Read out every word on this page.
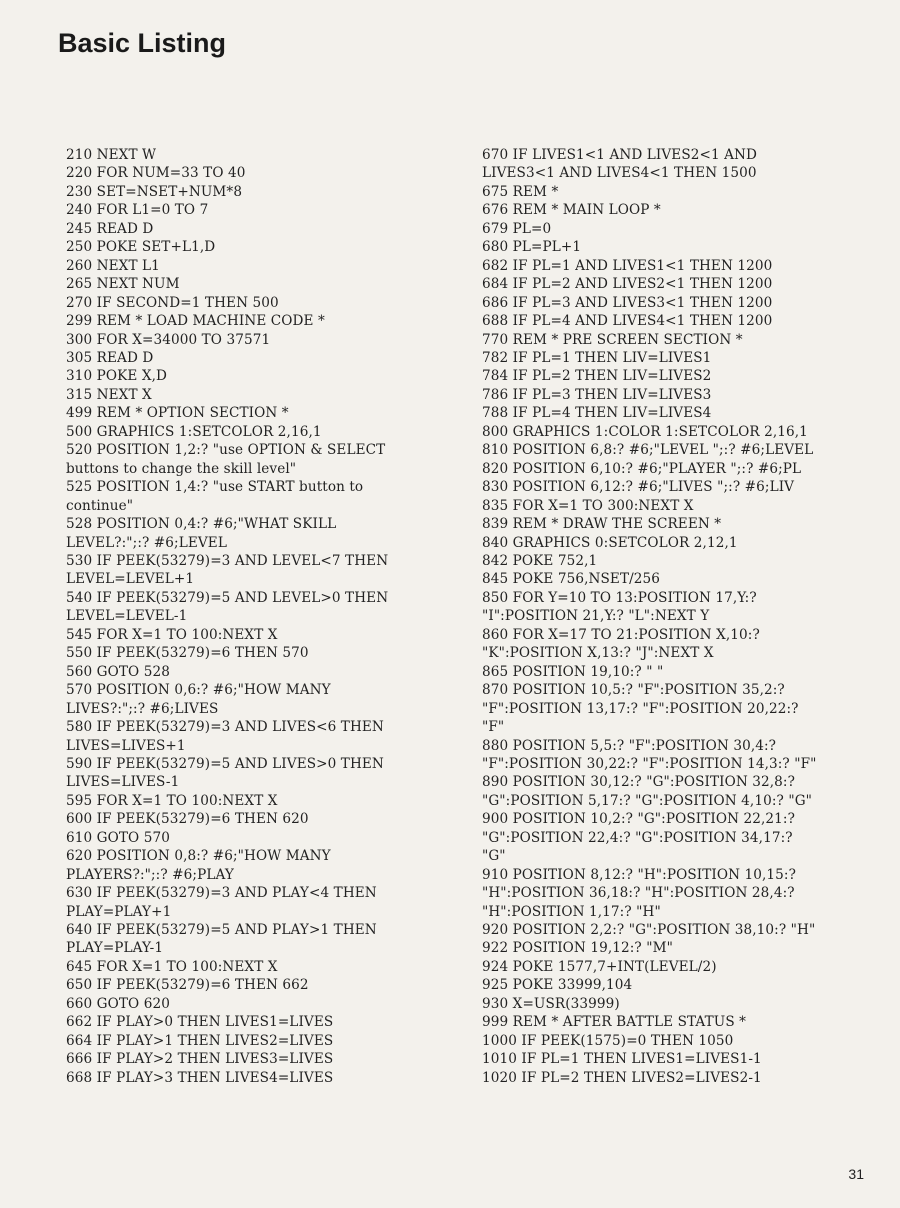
Basic Listing
210 NEXT W
220 FOR NUM=33 TO 40
230 SET=NSET+NUM*8
240 FOR L1=0 TO 7
245 READ D
250 POKE SET+L1,D
260 NEXT L1
265 NEXT NUM
270 IF SECOND=1 THEN 500
299 REM * LOAD MACHINE CODE *
300 FOR X=34000 TO 37571
305 READ D
310 POKE X,D
315 NEXT X
499 REM * OPTION SECTION *
500 GRAPHICS 1:SETCOLOR 2,16,1
520 POSITION 1,2:? "use OPTION & SELECT
buttons to change the skill level"
525 POSITION 1,4:? "use START button to
continue"
528 POSITION 0,4:? #6;"WHAT SKILL
LEVEL?:";:? #6;LEVEL
530 IF PEEK(53279)=3 AND LEVEL<7 THEN
LEVEL=LEVEL+1
540 IF PEEK(53279)=5 AND LEVEL>0 THEN
LEVEL=LEVEL-1
545 FOR X=1 TO 100:NEXT X
550 IF PEEK(53279)=6 THEN 570
560 GOTO 528
570 POSITION 0,6:? #6;"HOW MANY
LIVES?:";:? #6;LIVES
580 IF PEEK(53279)=3 AND LIVES<6 THEN
LIVES=LIVES+1
590 IF PEEK(53279)=5 AND LIVES>0 THEN
LIVES=LIVES-1
595 FOR X=1 TO 100:NEXT X
600 IF PEEK(53279)=6 THEN 620
610 GOTO 570
620 POSITION 0,8:? #6;"HOW MANY
PLAYERS?:";:? #6;PLAY
630 IF PEEK(53279)=3 AND PLAY<4 THEN
PLAY=PLAY+1
640 IF PEEK(53279)=5 AND PLAY>1 THEN
PLAY=PLAY-1
645 FOR X=1 TO 100:NEXT X
650 IF PEEK(53279)=6 THEN 662
660 GOTO 620
662 IF PLAY>0 THEN LIVES1=LIVES
664 IF PLAY>1 THEN LIVES2=LIVES
666 IF PLAY>2 THEN LIVES3=LIVES
668 IF PLAY>3 THEN LIVES4=LIVES
670 IF LIVES1<1 AND LIVES2<1 AND
LIVES3<1 AND LIVES4<1 THEN 1500
675 REM *
676 REM * MAIN LOOP *
679 PL=0
680 PL=PL+1
682 IF PL=1 AND LIVES1<1 THEN 1200
684 IF PL=2 AND LIVES2<1 THEN 1200
686 IF PL=3 AND LIVES3<1 THEN 1200
688 IF PL=4 AND LIVES4<1 THEN 1200
770 REM * PRE SCREEN SECTION *
782 IF PL=1 THEN LIV=LIVES1
784 IF PL=2 THEN LIV=LIVES2
786 IF PL=3 THEN LIV=LIVES3
788 IF PL=4 THEN LIV=LIVES4
800 GRAPHICS 1:COLOR 1:SETCOLOR 2,16,1
810 POSITION 6,8:? #6;"LEVEL ";:? #6;LEVEL
820 POSITION 6,10:? #6;"PLAYER ";:? #6;PL
830 POSITION 6,12:? #6;"LIVES ";:? #6;LIV
835 FOR X=1 TO 300:NEXT X
839 REM * DRAW THE SCREEN *
840 GRAPHICS 0:SETCOLOR 2,12,1
842 POKE 752,1
845 POKE 756,NSET/256
850 FOR Y=10 TO 13:POSITION 17,Y:?
"I":POSITION 21,Y:? "L":NEXT Y
860 FOR X=17 TO 21:POSITION X,10:?
"K":POSITION X,13:? "J":NEXT X
865 POSITION 19,10:? " "
870 POSITION 10,5:? "F":POSITION 35,2:?
"F":POSITION 13,17:? "F":POSITION 20,22:?
"F"
880 POSITION 5,5:? "F":POSITION 30,4:?
"F":POSITION 30,22:? "F":POSITION 14,3:? "F"
890 POSITION 30,12:? "G":POSITION 32,8:?
"G":POSITION 5,17:? "G":POSITION 4,10:? "G"
900 POSITION 10,2:? "G":POSITION 22,21:?
"G":POSITION 22,4:? "G":POSITION 34,17:?
"G"
910 POSITION 8,12:? "H":POSITION 10,15:?
"H":POSITION 36,18:? "H":POSITION 28,4:?
"H":POSITION 1,17:? "H"
920 POSITION 2,2:? "G":POSITION 38,10:? "H"
922 POSITION 19,12:? "M"
924 POKE 1577,7+INT(LEVEL/2)
925 POKE 33999,104
930 X=USR(33999)
999 REM * AFTER BATTLE STATUS *
1000 IF PEEK(1575)=0 THEN 1050
1010 IF PL=1 THEN LIVES1=LIVES1-1
1020 IF PL=2 THEN LIVES2=LIVES2-1
31
